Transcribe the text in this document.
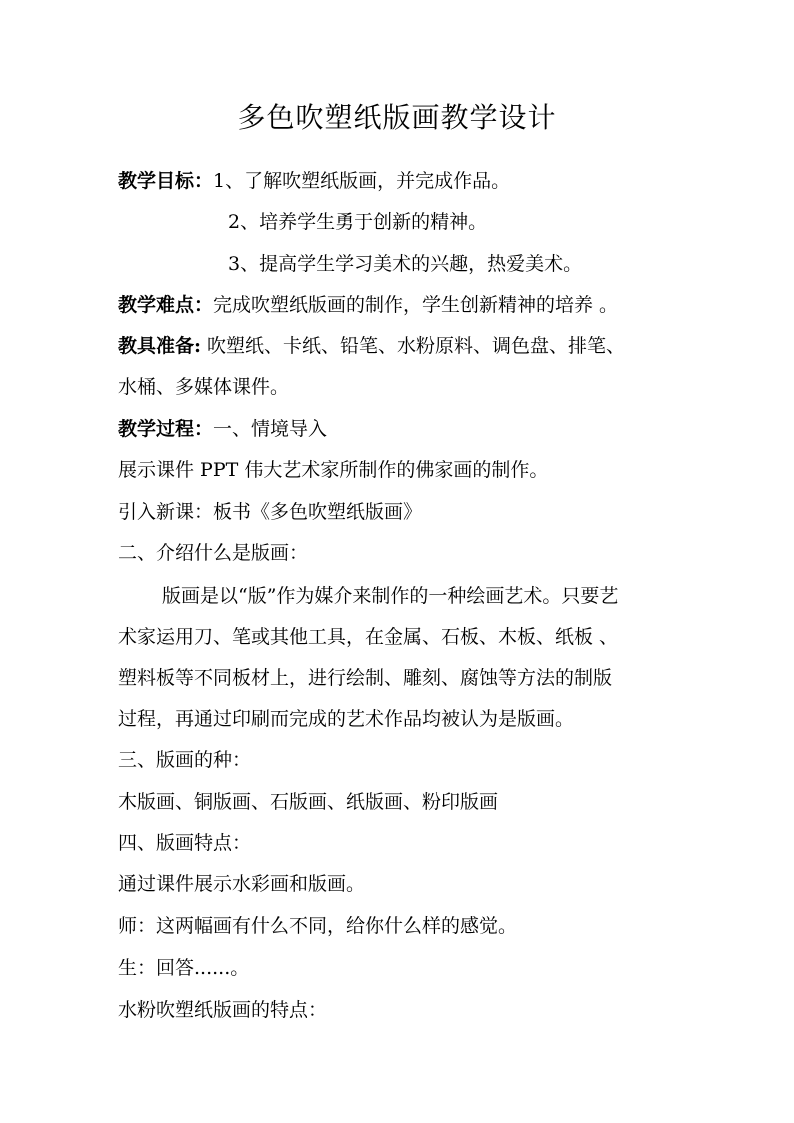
多色吹塑纸版画教学设计
教学目标：1、了解吹塑纸版画，并完成作品。
2、培养学生勇于创新的精神。
3、提高学生学习美术的兴趣，热爱美术。
教学难点：完成吹塑纸版画的制作，学生创新精神的培养 。
教具准备: 吹塑纸、卡纸、铅笔、水粉原料、调色盘、排笔、
水桶、多媒体课件。
教学过程：一、情境导入
展示课件 PPT 伟大艺术家所制作的佛家画的制作。
引入新课：板书《多色吹塑纸版画》
二、介绍什么是版画：
版画是以“版”作为媒介来制作的一种绘画艺术。只要艺
术家运用刀、笔或其他工具，在金属、石板、木板、纸板 、
塑料板等不同板材上，进行绘制、雕刻、腐蚀等方法的制版
过程，再通过印刷而完成的艺术作品均被认为是版画。
三、版画的种：
木版画、铜版画、石版画、纸版画、粉印版画
四、版画特点：
通过课件展示水彩画和版画。
师：这两幅画有什么不同，给你什么样的感觉。
生：回答......。
水粉吹塑纸版画的特点：
